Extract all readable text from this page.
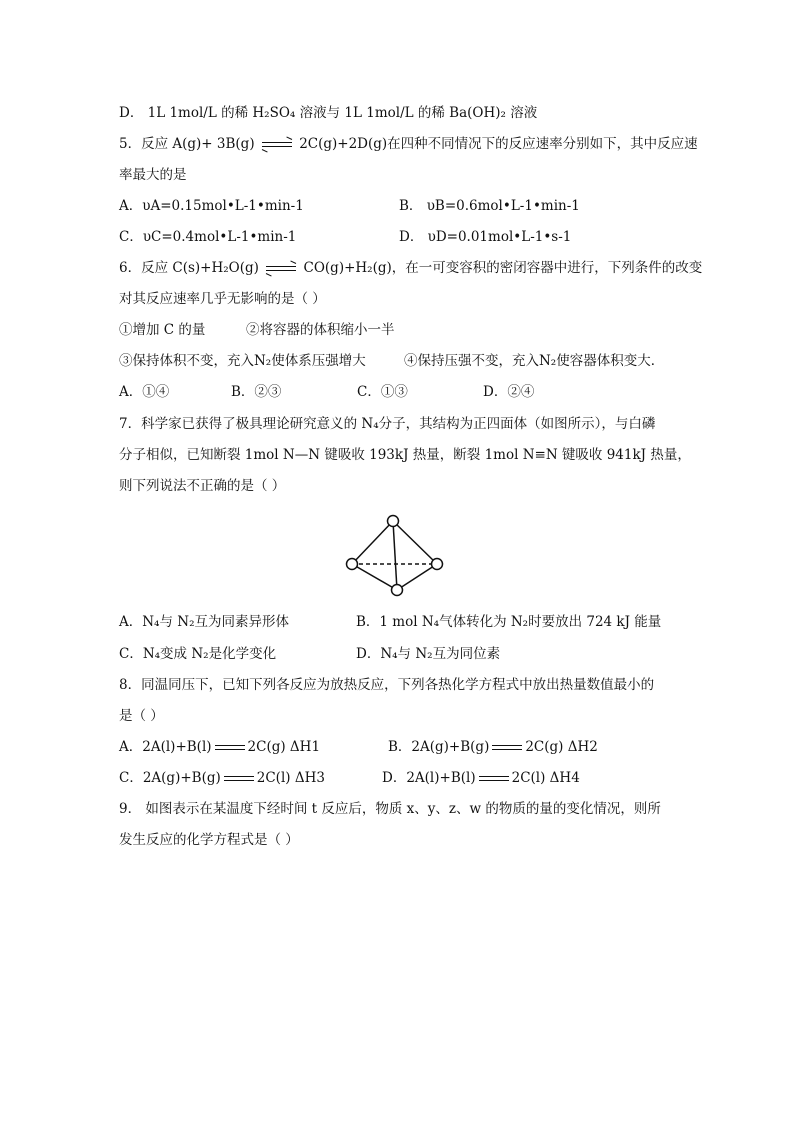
D． 1L 1mol/L 的稀 H₂SO₄ 溶液与 1L 1mol/L 的稀 Ba(OH)₂ 溶液
5．反应 A(g)+ 3B(g)	2C(g)+2D(g)在四种不同情况下的反应速率分别如下，其中反应速
率最大的是
A．υA=0.15mol•L-1•min-1	B． υB=0.6mol•L-1•min-1
C．υC=0.4mol•L-1•min-1	D． υD=0.01mol•L-1•s-1
6．反应 C(s)+H₂O(g)	CO(g)+H₂(g)，在一可变容积的密闭容器中进行，下列条件的改变
对其反应速率几乎无影响的是（ ）
①增加 C 的量	②将容器的体积缩小一半
③保持体积不变，充入N₂使体系压强增大	④保持压强不变，充入N₂使容器体积变大．
A．①④	B．②③	C．①③	D．②④
7．科学家已获得了极具理论研究意义的 N₄分子，其结构为正四面体（如图所示），与白磷
分子相似，已知断裂 1mol N—N 键吸收 193kJ 热量，断裂 1mol N≡N 键吸收 941kJ 热量，
则下列说法不正确的是（ ）
A．N₄与 N₂互为同素异形体	B．1 mol N₄气体转化为 N₂时要放出 724 kJ 能量
C．N₄变成 N₂是化学变化	D．N₄与 N₂互为同位素
8．同温同压下，已知下列各反应为放热反应，下列各热化学方程式中放出热量数值最小的
是（ ）
A．2A(l)+B(l)	2C(g) ΔH1	B．2A(g)+B(g)	2C(g) ΔH2
C．2A(g)+B(g)	2C(l) ΔH3	D．2A(l)+B(l)	2C(l) ΔH4
9． 如图表示在某温度下经时间 t 反应后，物质 x、y、z、w 的物质的量的变化情况，则所
发生反应的化学方程式是（ ）
